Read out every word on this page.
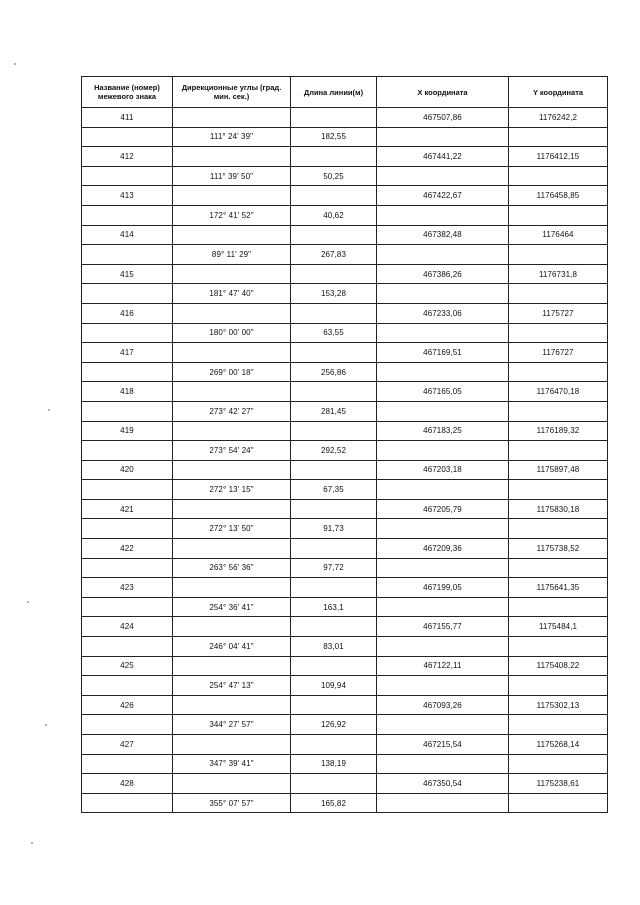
Название (номер) межевого знака	Дирекционные углы (град. мин. сек.)	Длина линии(м)	X координата	Y координата
411			467507,86	1176242,2
	111° 24' 39"	182,55		
412			467441,22	1176412,15
	111° 39' 50"	50,25		
413			467422,67	1176458,85
	172° 41' 52"	40,62		
414			467382,48	1176464
	89° 11' 29"	267,83		
415			467386,26	1176731,8
	181° 47' 40"	153,28		
416			467233,06	1175727
	180° 00' 00"	63,55		
417			467169,51	1176727
	269° 00' 18"	256,86		
418			467165,05	1176470,18
	273° 42' 27"	281,45		
419			467183,25	1176189,32
	273° 54' 24"	292,52		
420			467203,18	1175897,48
	272° 13' 15"	67,35		
421			467205,79	1175830,18
	272° 13' 50"	91,73		
422			467209,36	1175738,52
	263° 56' 36"	97,72		
423			467199,05	1175641,35
	254° 36' 41"	163,1		
424			467155,77	1175484,1
	246° 04' 41"	83,01		
425			467122,11	1175408,22
	254° 47' 13"	109,94		
426			467093,26	1175302,13
	344° 27' 57"	126,92		
427			467215,54	1175268,14
	347° 39' 41"	138,19		
428			467350,54	1175238,61
	355° 07' 57"	165,82		
